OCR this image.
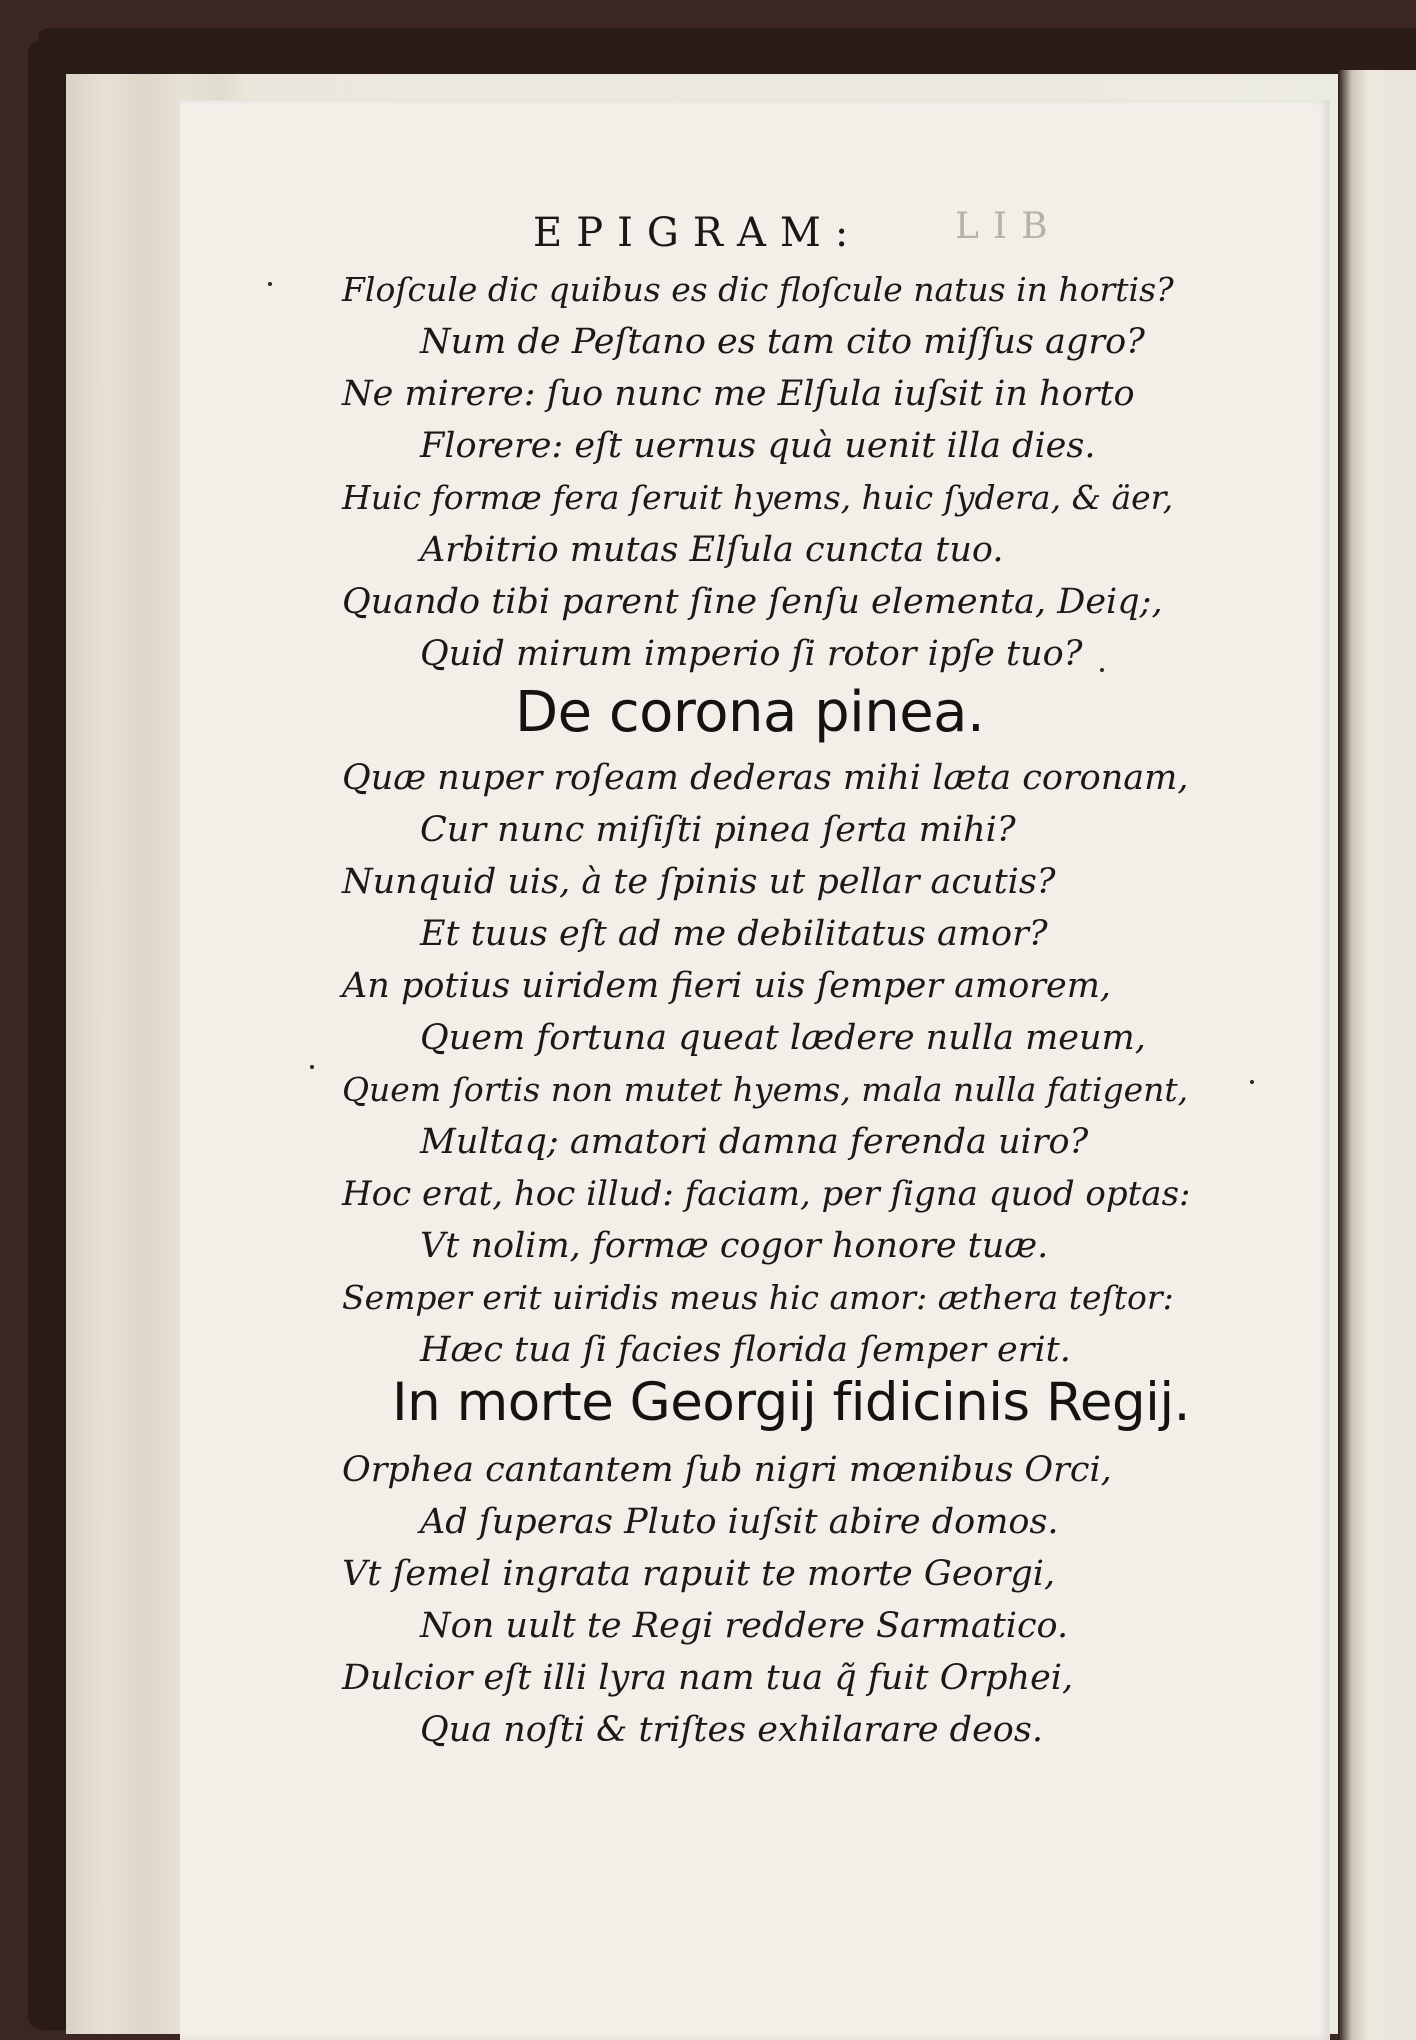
EPIGRAM:	LIB
Floſcule dic quibus es dic floſcule natus in hortis?
Num de Peſtano es tam cito miſſus agro?
Ne mirere: ſuo nunc me Elſula iuſsit in horto
Florere: eſt uernus quà uenit illa dies.
Huic formæ fera ſeruit hyems, huic ſydera, & äer,
Arbitrio mutas Elſula cuncta tuo.
Quando tibi parent ſine ſenſu elementa, Deiq;,
Quid mirum imperio ſi rotor ipſe tuo?
De corona pinea.
Quæ nuper roſeam dederas mihi læta coronam,
Cur nunc miſiſti pinea ſerta mihi?
Nunquid uis, à te ſpinis ut pellar acutis?
Et tuus eſt ad me debilitatus amor?
An potius uiridem fieri uis ſemper amorem,
Quem fortuna queat lædere nulla meum,
Quem ſortis non mutet hyems, mala nulla fatigent,
Multaq; amatori damna ferenda uiro?
Hoc erat, hoc illud: faciam, per ſigna quod optas:
Vt nolim, formæ cogor honore tuæ.
Semper erit uiridis meus hic amor: æthera teſtor:
Hæc tua ſi facies florida ſemper erit.
In morte Georgij fidicinis Regij.
Orphea cantantem ſub nigri mœnibus Orci,
Ad ſuperas Pluto iuſsit abire domos.
Vt ſemel ingrata rapuit te morte Georgi,
Non uult te Regi reddere Sarmatico.
Dulcior eſt illi lyra nam tua q̃ fuit Orphei,
Qua noſti & triſtes exhilarare deos.
